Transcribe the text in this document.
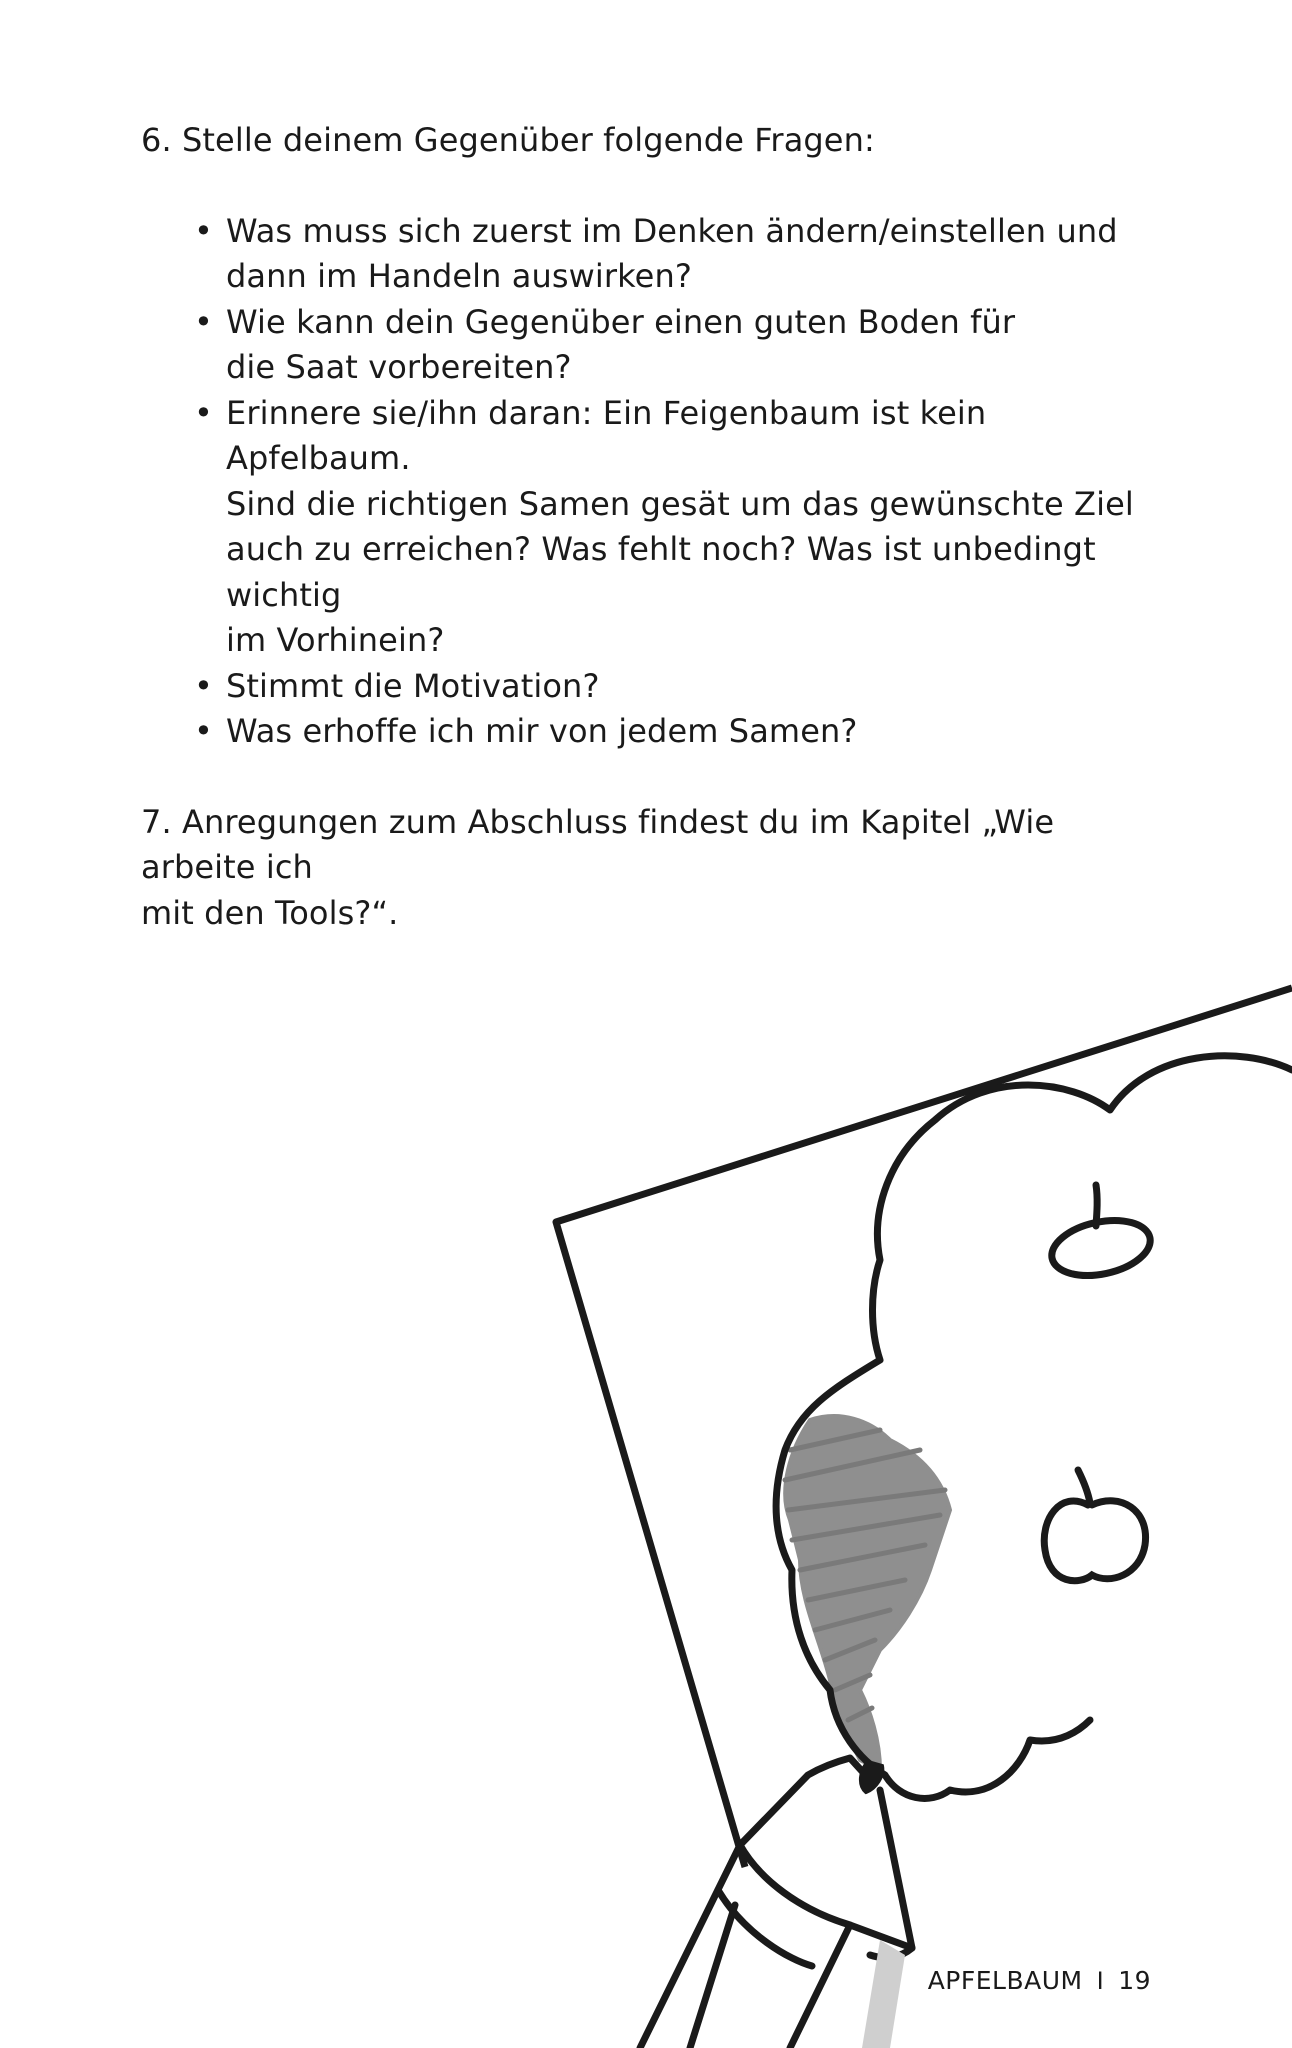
6. Stelle deinem Gegenüber folgende Fragen:

• Was muss sich zuerst im Denken ändern/einstellen und
dann im Handeln auswirken?
• Wie kann dein Gegenüber einen guten Boden für
die Saat vorbereiten?
• Erinnere sie/ihn daran: Ein Feigenbaum ist kein Apfelbaum.
Sind die richtigen Samen gesät um das gewünschte Ziel
auch zu erreichen? Was fehlt noch? Was ist unbedingt wichtig
im Vorhinein?
• Stimmt die Motivation?
• Was erhoffe ich mir von jedem Samen?

7. Anregungen zum Abschluss findest du im Kapitel „Wie arbeite ich
mit den Tools?“.

APFELBAUM I 19
